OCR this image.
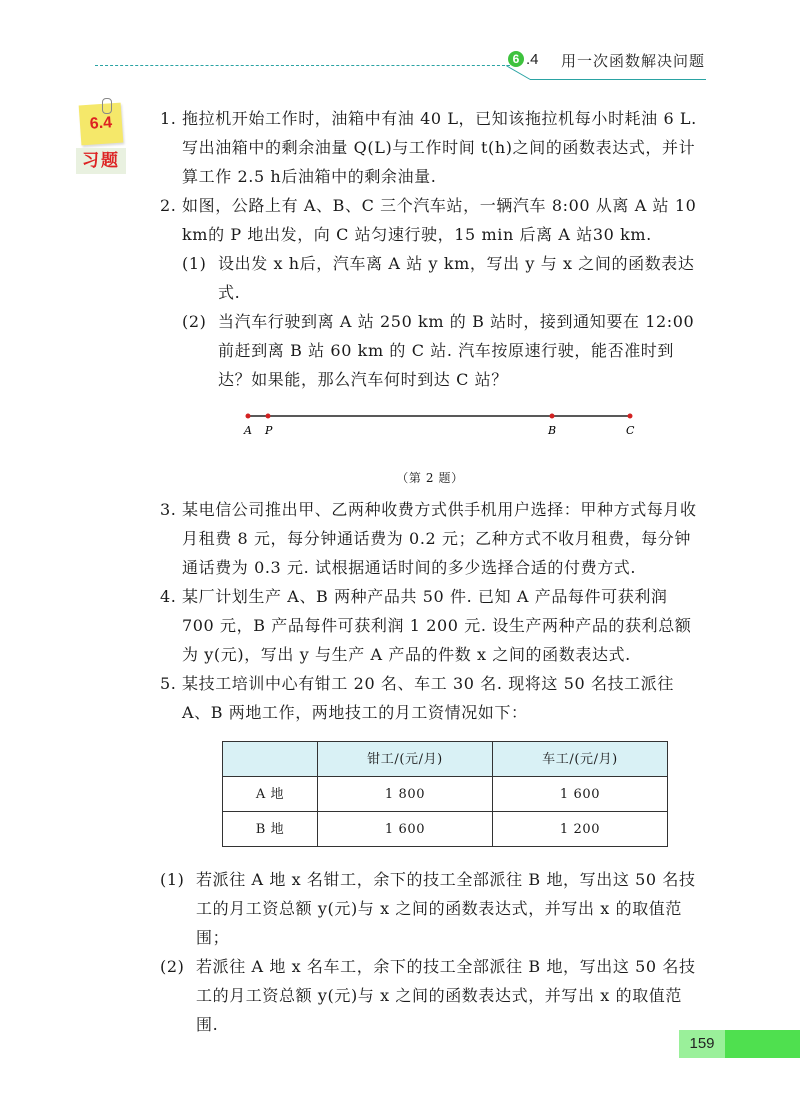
6 .4 用一次函数解决问题
6.4
习题
1. 拖拉机开始工作时，油箱中有油 40 L，已知该拖拉机每小时耗油 6 L. 写出油箱中的剩余油量 Q(L)与工作时间 t(h)之间的函数表达式，并计算工作 2.5 h后油箱中的剩余油量.
2. 如图，公路上有 A、B、C 三个汽车站，一辆汽车 8:00 从离 A 站 10 km的 P 地出发，向 C 站匀速行驶，15 min 后离 A 站30 km.
(1) 设出发 x h后，汽车离 A 站 y km，写出 y 与 x 之间的函数表达式.
(2) 当汽车行驶到离 A 站 250 km 的 B 站时，接到通知要在 12:00 前赶到离 B 站 60 km 的 C 站. 汽车按原速行驶，能否准时到达？如果能，那么汽车何时到达 C 站？
A P	B	C
（第 2 题）
3. 某电信公司推出甲、乙两种收费方式供手机用户选择：甲种方式每月收月租费 8 元，每分钟通话费为 0.2 元；乙种方式不收月租费，每分钟通话费为 0.3 元. 试根据通话时间的多少选择合适的付费方式.
4. 某厂计划生产 A、B 两种产品共 50 件. 已知 A 产品每件可获利润 700 元，B 产品每件可获利润 1 200 元. 设生产两种产品的获利总额为 y(元)，写出 y 与生产 A 产品的件数 x 之间的函数表达式.
5. 某技工培训中心有钳工 20 名、车工 30 名. 现将这 50 名技工派往 A、B 两地工作，两地技工的月工资情况如下：
	钳工/(元/月)	车工/(元/月)
A 地	1 800	1 600
B 地	1 600	1 200
(1) 若派往 A 地 x 名钳工，余下的技工全部派往 B 地，写出这 50 名技工的月工资总额 y(元)与 x 之间的函数表达式，并写出 x 的取值范围；
(2) 若派往 A 地 x 名车工，余下的技工全部派往 B 地，写出这 50 名技工的月工资总额 y(元)与 x 之间的函数表达式，并写出 x 的取值范围.
159
